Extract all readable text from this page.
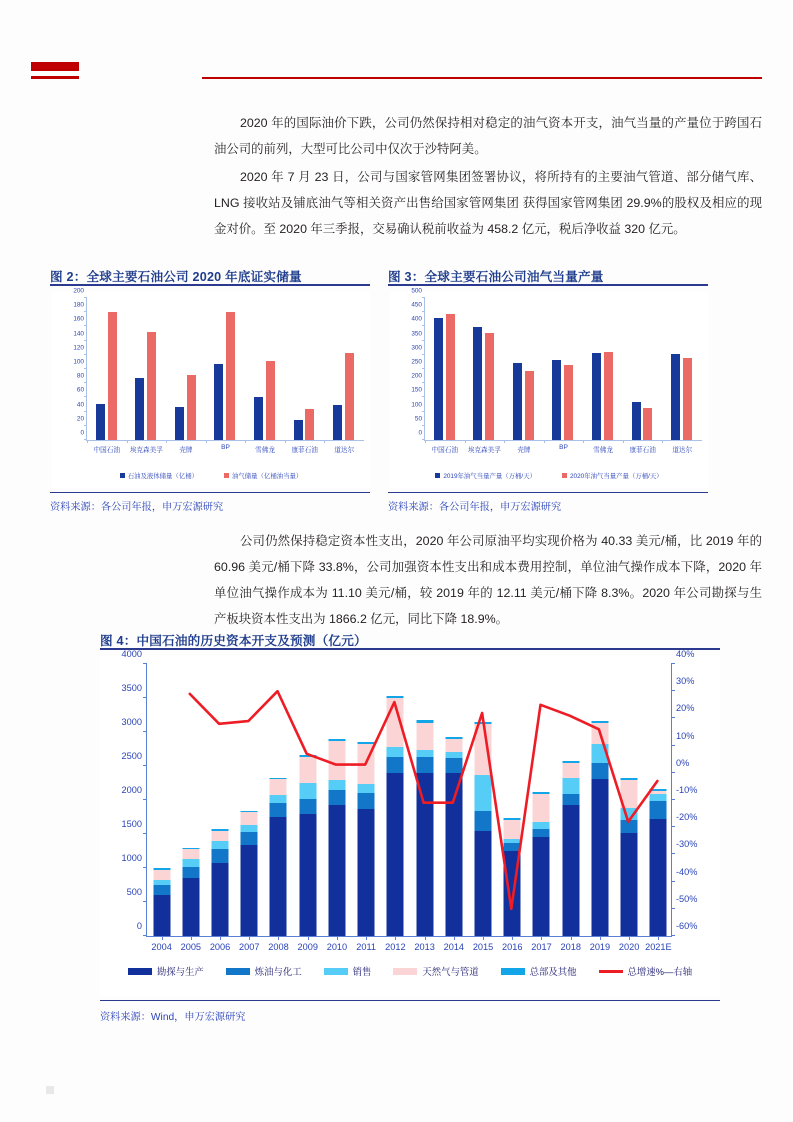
2020 年的国际油价下跌，公司仍然保持相对稳定的油气资本开支，油气当量的产量位于跨国石油公司的前列，大型可比公司中仅次于沙特阿美。

2020 年 7 月 23 日，公司与国家管网集团签署协议，将所持有的主要油气管道、部分储气库、LNG 接收站及铺底油气等相关资产出售给国家管网集团 获得国家管网集团 29.9%的股权及相应的现金对价。至 2020 年三季报，交易确认税前收益为 458.2 亿元，税后净收益 320 亿元。

公司仍然保持稳定资本性支出，2020 年公司原油平均实现价格为 40.33 美元/桶，比 2019 年的 60.96 美元/桶下降 33.8%，公司加强资本性支出和成本费用控制，单位油气操作成本下降，2020 年单位油气操作成本为 11.10 美元/桶，较 2019 年的 12.11 美元/桶下降 8.3%。2020 年公司勘探与生产板块资本性支出为 1866.2 亿元，同比下降 18.9%。

图 2：全球主要石油公司 2020 年底证实储量
0
20
40
60
80
100
120
140
160
180
200
中国石油 埃克森美孚	壳牌	BP	雪佛龙 康菲石油	道达尔
石油及液体储量（亿桶）	油气储量（亿桶油当量）
资料来源：各公司年报，申万宏源研究
图 3：全球主要石油公司油气当量产量
0
50
100
150
200
250
300
350
400
450
500
中国石油 埃克森美孚	壳牌	BP	雪佛龙 康菲石油	道达尔
2019年油气当量产量（万桶/天）	2020年油气当量产量（万桶/天）
资料来源：各公司年报，申万宏源研究
图 4：中国石油的历史资本开支及预测（亿元）
0
500
1000
1500
2000
2500
3000
3500
4000
-60%
-50%
-40%
-30%
-20%
-10%
0%
10%
20%
30%
40%
2004 2005 2006 2007 2008 2009 2010 2011 2012 2013 2014 2015 2016 2017 2018 2019 2020 2021E
勘探与生产	炼油与化工	销售	天然气与管道	总部及其他	总增速%—右轴
资料来源：Wind，申万宏源研究
